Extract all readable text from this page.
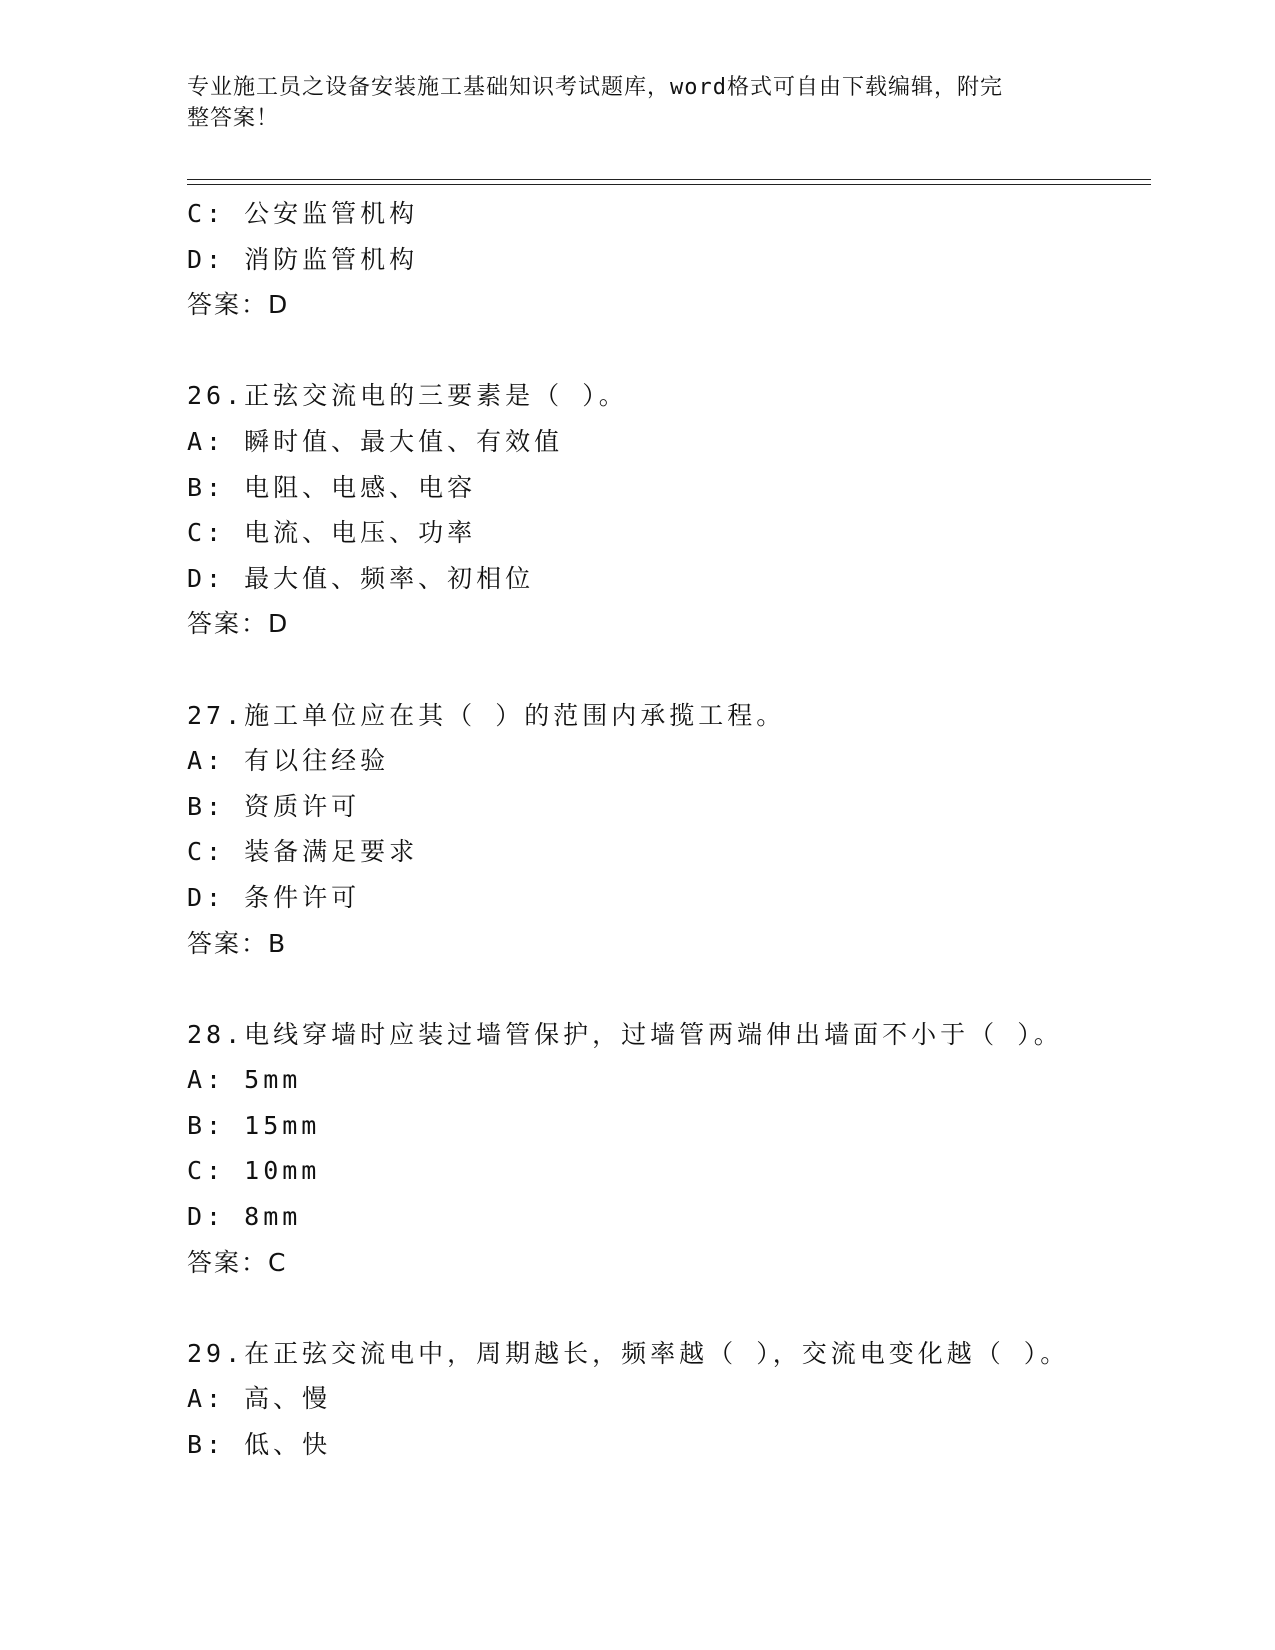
专业施工员之设备安装施工基础知识考试题库，word格式可自由下载编辑，附完
整答案！
C: 公安监管机构
D: 消防监管机构
答案：D
26.正弦交流电的三要素是（ ）。
A: 瞬时值、最大值、有效值
B: 电阻、电感、电容
C: 电流、电压、功率
D: 最大值、频率、初相位
答案：D
27.施工单位应在其（ ）的范围内承揽工程。
A: 有以往经验
B: 资质许可
C: 装备满足要求
D: 条件许可
答案：B
28.电线穿墙时应装过墙管保护，过墙管两端伸出墙面不小于（ ）。
A: 5mm
B: 15mm
C: 10mm
D: 8mm
答案：C
29.在正弦交流电中，周期越长，频率越（ ），交流电变化越（ ）。
A: 高、慢
B: 低、快
